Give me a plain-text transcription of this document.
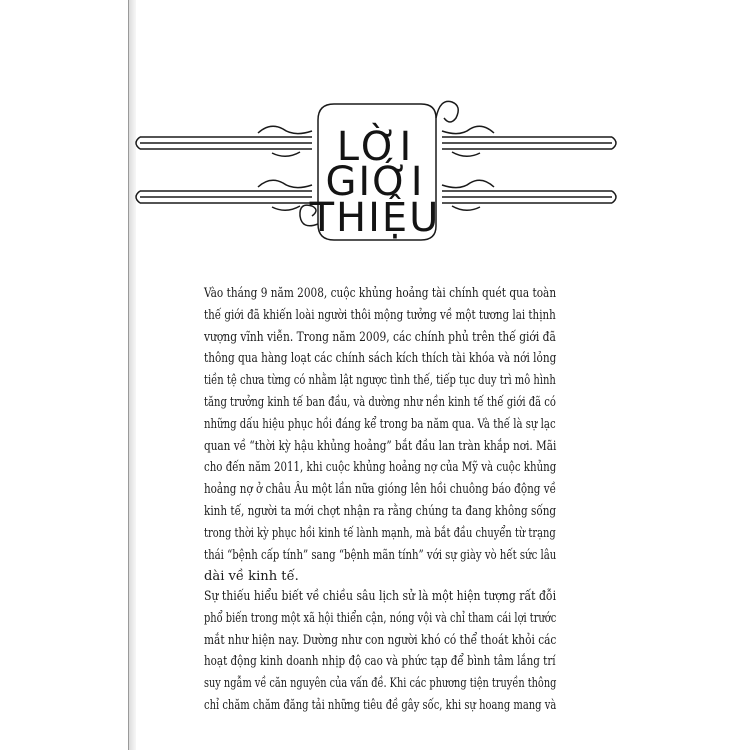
LỜI
GIỚI
THIỆU

Vào tháng 9 năm 2008, cuộc khủng hoảng tài chính quét qua toàn
thế giới đã khiến loài người thôi mộng tưởng về một tương lai thịnh
vượng vĩnh viễn. Trong năm 2009, các chính phủ trên thế giới đã
thông qua hàng loạt các chính sách kích thích tài khóa và nới lỏng
tiền tệ chưa từng có nhằm lật ngược tình thế, tiếp tục duy trì mô hình
tăng trưởng kinh tế ban đầu, và dường như nền kinh tế thế giới đã có
những dấu hiệu phục hồi đáng kể trong ba năm qua. Và thế là sự lạc
quan về “thời kỳ hậu khủng hoảng” bắt đầu lan tràn khắp nơi. Mãi
cho đến năm 2011, khi cuộc khủng hoảng nợ của Mỹ và cuộc khủng
hoảng nợ ở châu Âu một lần nữa gióng lên hồi chuông báo động về
kinh tế, người ta mới chợt nhận ra rằng chúng ta đang không sống
trong thời kỳ phục hồi kinh tế lành mạnh, mà bắt đầu chuyển từ trạng
thái “bệnh cấp tính” sang “bệnh mãn tính” với sự giày vò hết sức lâu
dài về kinh tế.

Sự thiếu hiểu biết về chiều sâu lịch sử là một hiện tượng rất đỗi
phổ biến trong một xã hội thiển cận, nóng vội và chỉ tham cái lợi trước
mắt như hiện nay. Dường như con người khó có thể thoát khỏi các
hoạt động kinh doanh nhịp độ cao và phức tạp để bình tâm lắng trí
suy ngẫm về căn nguyên của vấn đề. Khi các phương tiện truyền thông
chỉ chăm chăm đăng tải những tiêu đề gây sốc, khi sự hoang mang và
